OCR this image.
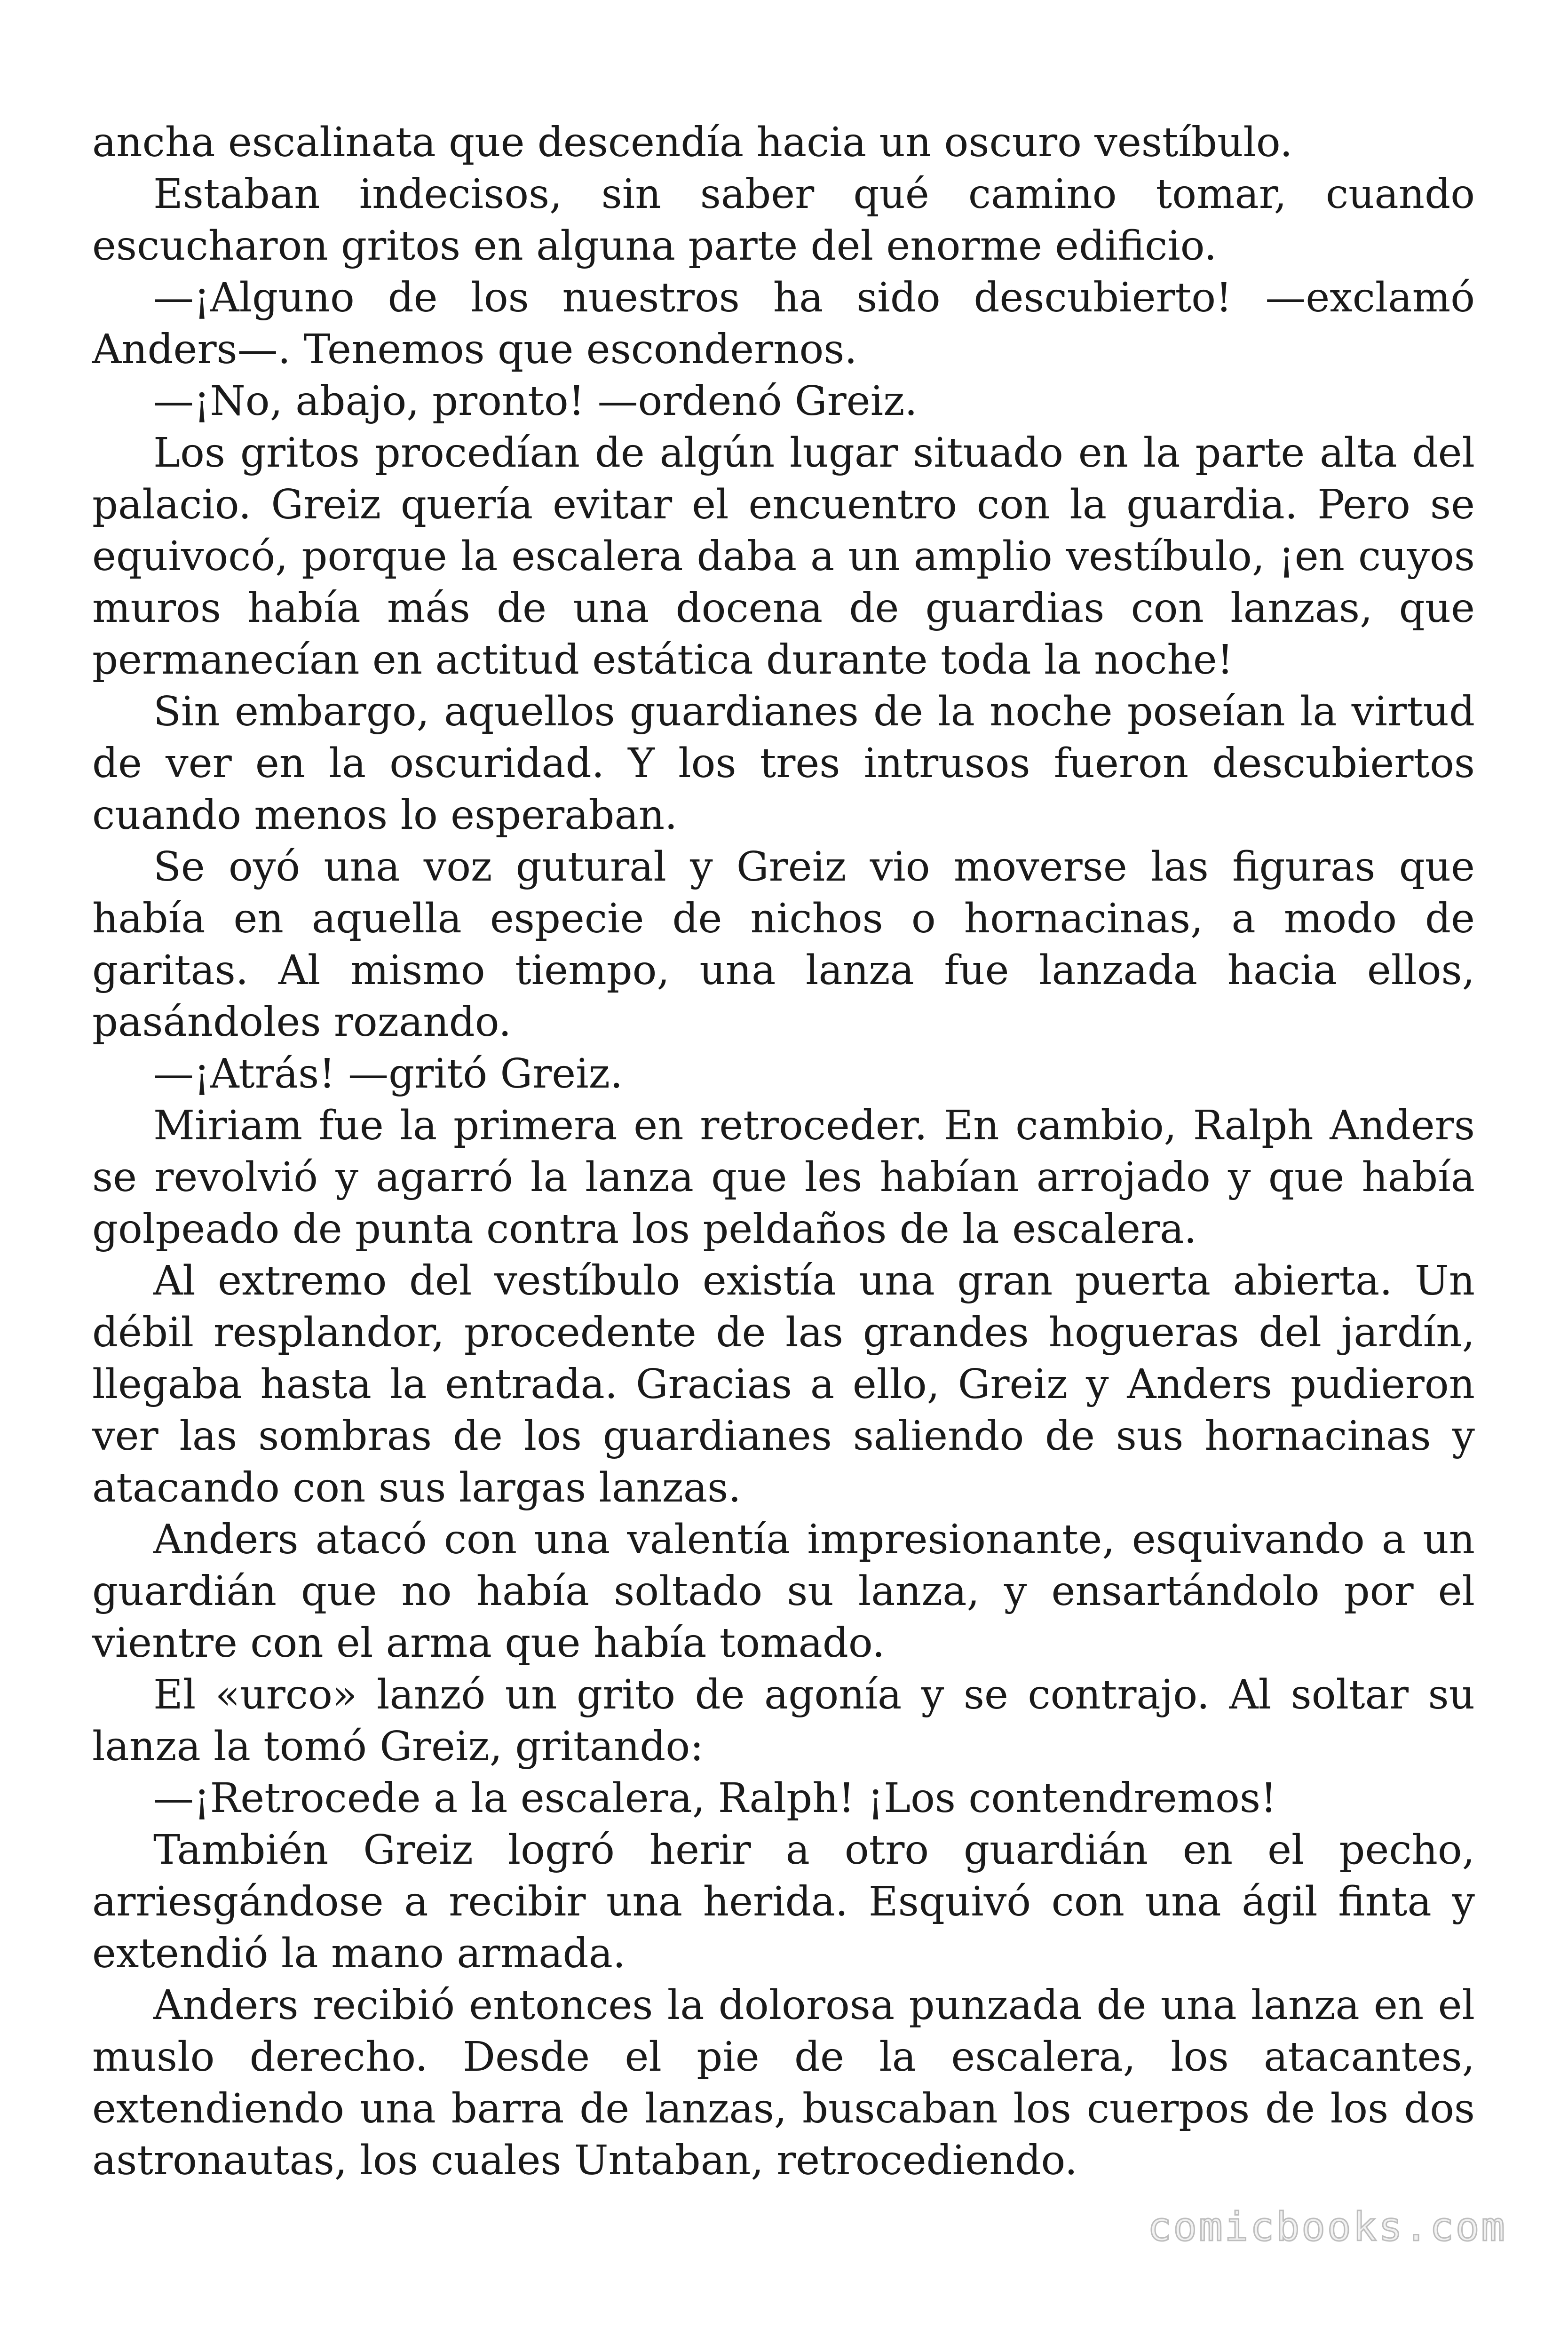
ancha escalinata que descendía hacia un oscuro vestíbulo.

Estaban indecisos, sin saber qué camino tomar, cuando escucharon gritos en alguna parte del enorme edificio.

—¡Alguno de los nuestros ha sido descubierto! —exclamó Anders—. Tenemos que escondernos.

—¡No, abajo, pronto! —ordenó Greiz.

Los gritos procedían de algún lugar situado en la parte alta del palacio. Greiz quería evitar el encuentro con la guardia. Pero se equivocó, porque la escalera daba a un amplio vestíbulo, ¡en cuyos muros había más de una docena de guardias con lanzas, que permanecían en actitud estática durante toda la noche!

Sin embargo, aquellos guardianes de la noche poseían la virtud de ver en la oscuridad. Y los tres intrusos fueron descubiertos cuando menos lo esperaban.

Se oyó una voz gutural y Greiz vio moverse las figuras que había en aquella especie de nichos o hornacinas, a modo de garitas. Al mismo tiempo, una lanza fue lanzada hacia ellos, pasándoles rozando.

—¡Atrás! —gritó Greiz.

Miriam fue la primera en retroceder. En cambio, Ralph Anders se revolvió y agarró la lanza que les habían arrojado y que había golpeado de punta contra los peldaños de la escalera.

Al extremo del vestíbulo existía una gran puerta abierta. Un débil resplandor, procedente de las grandes hogueras del jardín, llegaba hasta la entrada. Gracias a ello, Greiz y Anders pudieron ver las sombras de los guardianes saliendo de sus hornacinas y atacando con sus largas lanzas.

Anders atacó con una valentía impresionante, esquivando a un guardián que no había soltado su lanza, y ensartándolo por el vientre con el arma que había tomado.

El «urco» lanzó un grito de agonía y se contrajo. Al soltar su lanza la tomó Greiz, gritando:

—¡Retrocede a la escalera, Ralph! ¡Los contendremos!

También Greiz logró herir a otro guardián en el pecho, arriesgándose a recibir una herida. Esquivó con una ágil finta y extendió la mano armada.

Anders recibió entonces la dolorosa punzada de una lanza en el muslo derecho. Desde el pie de la escalera, los atacantes, extendiendo una barra de lanzas, buscaban los cuerpos de los dos astronautas, los cuales Untaban, retrocediendo.

comicbooks.com
